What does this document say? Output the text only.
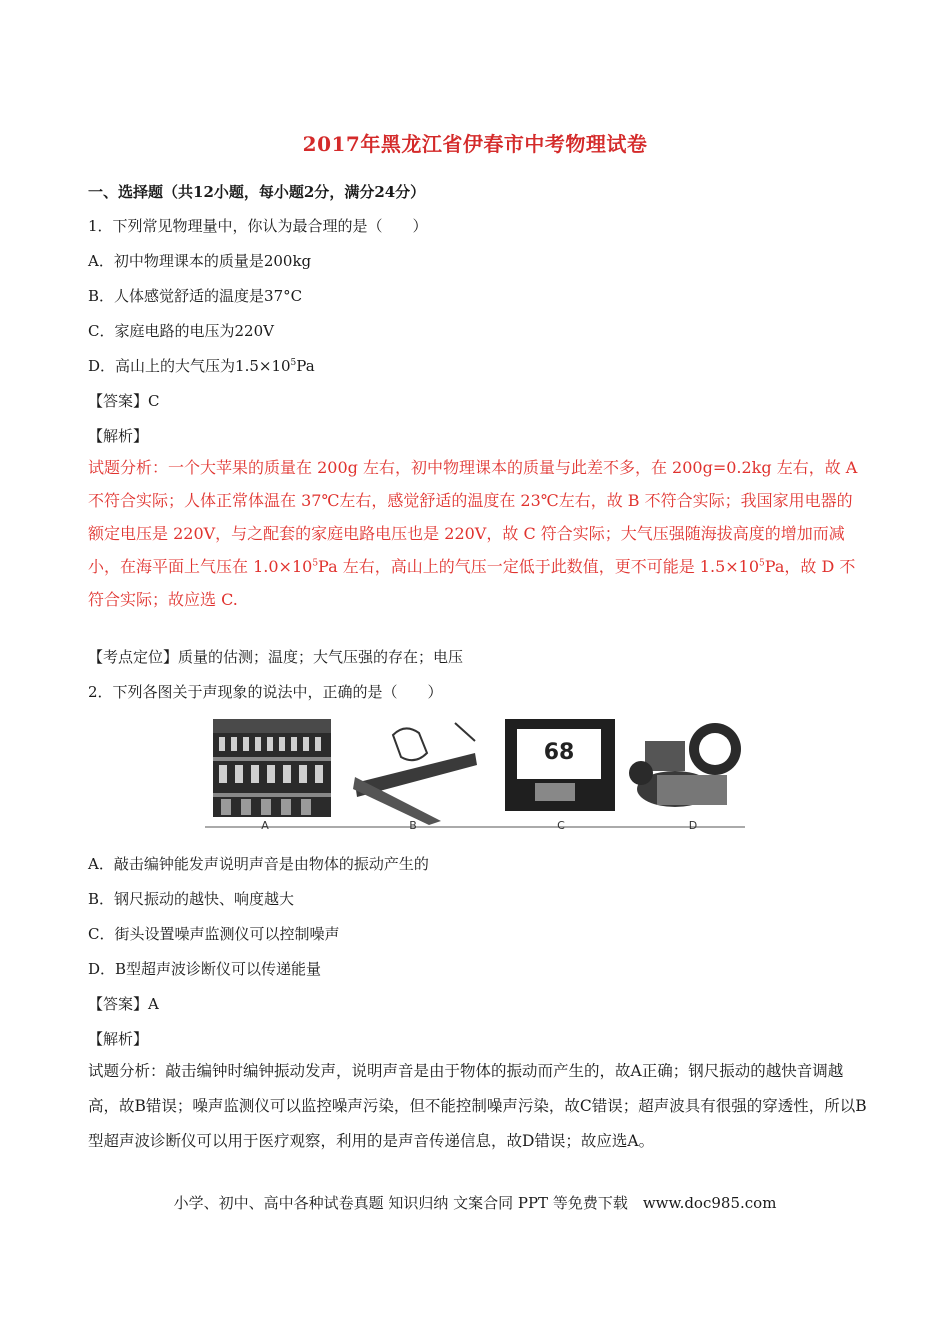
2017年黑龙江省伊春市中考物理试卷
一、选择题（共12小题，每小题2分，满分24分）
1．下列常见物理量中，你认为最合理的是（　　）
A．初中物理课本的质量是200kg
B．人体感觉舒适的温度是37°C
C．家庭电路的电压为220V
D．高山上的大气压为$1.5\times 10^5Pa$
【答案】C
【解析】
试题分析：一个大苹果的质量在 200g 左右，初中物理课本的质量与此差不多，在 200g=0.2kg 左右，故 A 不符合实际；人体正常体温在 37℃左右，感觉舒适的温度在 23℃左右，故 B 不符合实际；我国家用电器的额定电压是 220V，与之配套的家庭电路电压也是 220V，故 C 符合实际；大气压强随海拔高度的增加而减小，在海平面上气压在 $1.0\times 10^5Pa$ 左右，高山上的气压一定低于此数值，更不可能是 $1.5\times 10^5Pa$，故 D 不符合实际；故应选 C.
【考点定位】质量的估测；温度；大气压强的存在；电压
2．下列各图关于声现象的说法中，正确的是（　　）
68
A	B	C	D
A．敲击编钟能发声说明声音是由物体的振动产生的
B．钢尺振动的越快、响度越大
C．街头设置噪声监测仪可以控制噪声
D．B型超声波诊断仪可以传递能量
【答案】A
【解析】
试题分析：敲击编钟时编钟振动发声，说明声音是由于物体的振动而产生的，故A正确；钢尺振动的越快音调越高，故B错误；噪声监测仪可以监控噪声污染，但不能控制噪声污染，故C错误；超声波具有很强的穿透性，所以B型超声波诊断仪可以用于医疗观察，利用的是声音传递信息，故D错误；故应选A。
小学、初中、高中各种试卷真题 知识归纳 文案合同 PPT 等免费下载　www.doc985.com
